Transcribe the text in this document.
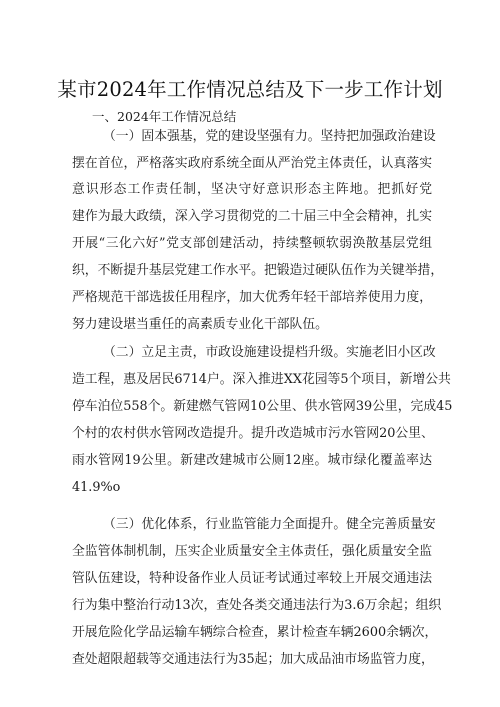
某市2024年工作情况总结及下一步工作计划
一、2024年工作情况总结
（一）固本强基，党的建设坚强有力。坚持把加强政治建设
摆在首位，严格落实政府系统全面从严治党主体责任，认真落实
意识形态工作责任制，坚决守好意识形态主阵地。把抓好党
建作为最大政绩，深入学习贯彻党的二十届三中全会精神，扎实
开展“三化六好”党支部创建活动，持续整顿软弱涣散基层党组
织，不断提升基层党建工作水平。把锻造过硬队伍作为关键举措，
严格规范干部选拔任用程序，加大优秀年轻干部培养使用力度，
努力建设堪当重任的高素质专业化干部队伍。
（二）立足主责，市政设施建设提档升级。实施老旧小区改
造工程，惠及居民6714户。深入推进XX花园等5个项目，新增公共
停车泊位558个。新建燃气管网10公里、供水管网39公里，完成45
个村的农村供水管网改造提升。提升改造城市污水管网20公里、
雨水管网19公里。新建改建城市公厕12座。城市绿化覆盖率达
41.9%o
（三）优化体系，行业监管能力全面提升。健全完善质量安
全监管体制机制，压实企业质量安全主体责任，强化质量安全监
管队伍建设，特种设备作业人员证考试通过率较上开展交通违法
行为集中整治行动13次，查处各类交通违法行为3.6万余起；组织
开展危险化学品运输车辆综合检查，累计检查车辆2600余辆次，
查处超限超载等交通违法行为35起；加大成品油市场监管力度，
